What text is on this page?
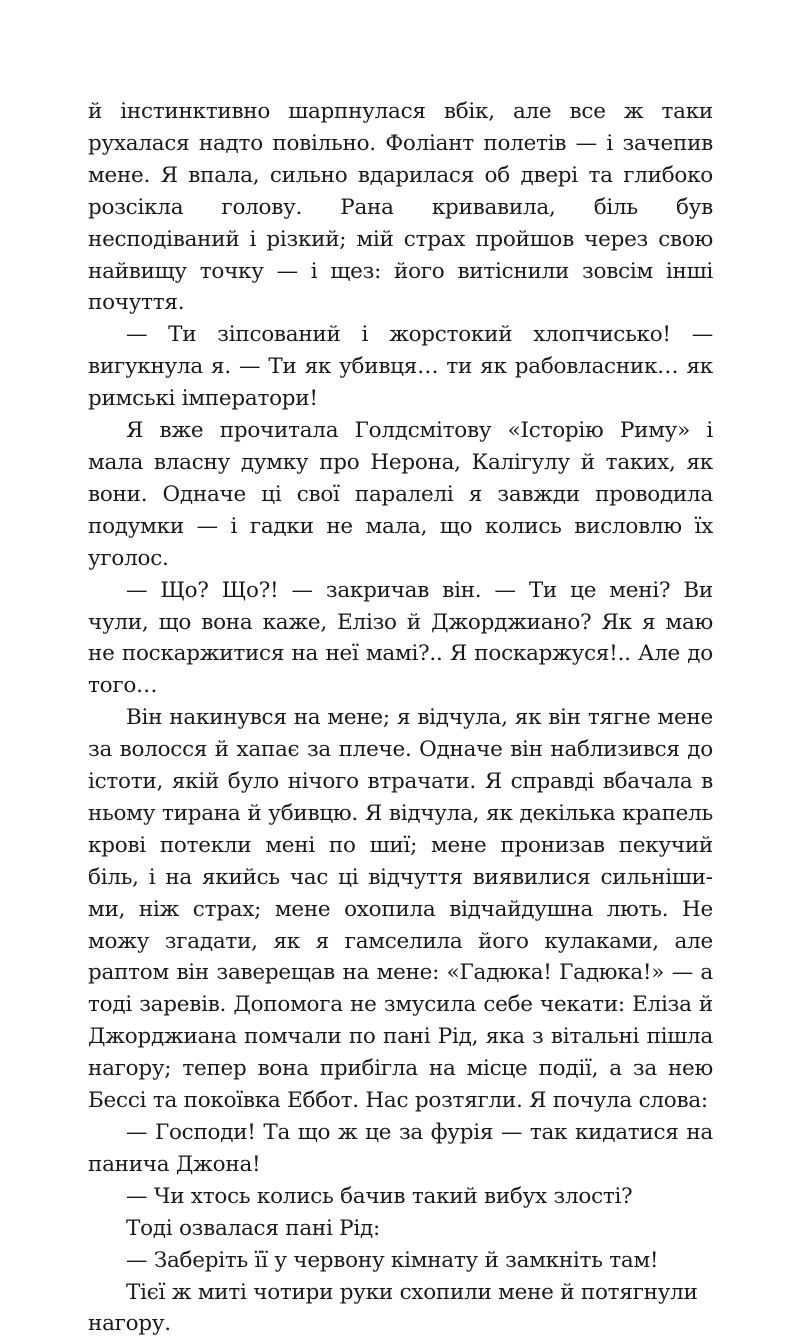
й інстинктивно шарпнулася вбік, але все ж таки рухалася надто повільно. Фоліант полетів — і зачепив мене. Я впала, сильно вдарилася об двері та глибоко розсікла голову. Рана кривавила, біль був несподіваний і різкий; мій страх пройшов через свою найвищу точку — і щез: його витіснили зовсім інші почуття.

— Ти зіпсований і жорстокий хлопчисько! — вигукнула я. — Ти як убивця… ти як рабовласник… як римські імператори!

Я вже прочитала Голдсмітову «Історію Риму» і мала власну думку про Нерона, Калігулу й таких, як вони. Одначе ці свої паралелі я завжди проводила подумки — і гадки не мала, що колись висловлю їх уголос.

— Що? Що?! — закричав він. — Ти це мені? Ви чули, що вона каже, Елізо й Джорджиано? Як я маю не поскаржитися на неї мамі?.. Я поскаржуся!.. Але до того…

Він накинувся на мене; я відчула, як він тягне мене за волосся й хапає за плече. Одначе він наблизився до істоти, якій було нічого втрачати. Я справді вбачала в ньому тирана й убивцю. Я відчула, як декілька крапель крові потекли мені по шиї; мене пронизав пекучий біль, і на якийсь час ці відчуття виявилися сильнішими, ніж страх; мене охопила відчайдушна лють. Не можу згадати, як я гамселила його кулаками, але раптом він заверещав на мене: «Гадюка! Гадюка!» — а тоді заревів. Допомога не змусила себе чекати: Еліза й Джорджиана помчали по пані Рід, яка з вітальні пішла нагору; тепер вона прибігла на місце події, а за нею Бессі та покоївка Еббот. Нас розтягли. Я почула слова:

— Господи! Та що ж це за фурія — так кидатися на панича Джона!

— Чи хтось колись бачив такий вибух злості?

Тоді озвалася пані Рід:

— Заберіть її у червону кімнату й замкніть там!

Тієї ж миті чотири руки схопили мене й потягнули нагору.
